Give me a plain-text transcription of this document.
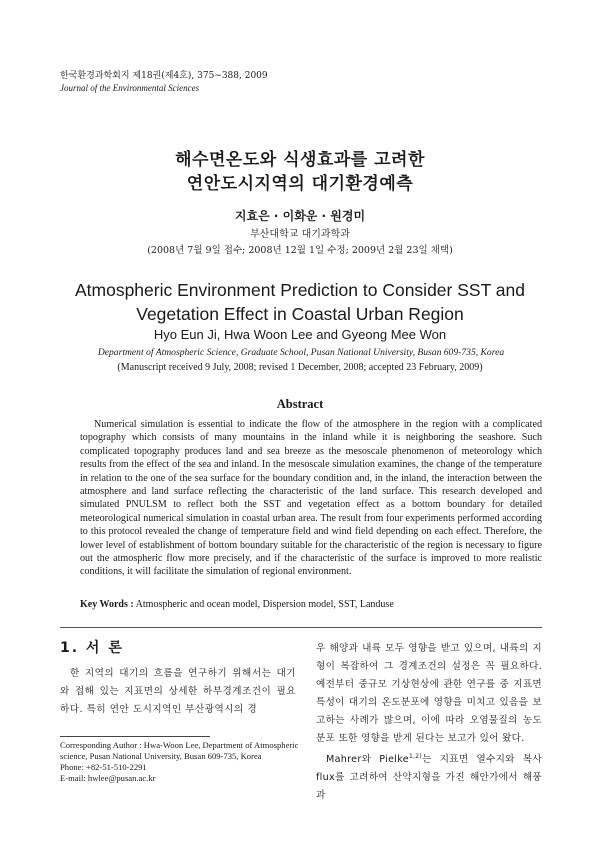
한국환경과학회지 제18권(제4호), 375∼388, 2009
Journal of the Environmental Sciences
해수면온도와 식생효과를 고려한
연안도시지역의 대기환경예측
지효은 · 이화운 · 원경미
부산대학교 대기과학과
(2008년 7월 9일 접수; 2008년 12월 1일 수정; 2009년 2월 23일 채택)
Atmospheric Environment Prediction to Consider SST and
Vegetation Effect in Coastal Urban Region
Hyo Eun Ji, Hwa Woon Lee and Gyeong Mee Won
Department of Atmospheric Science, Graduate School, Pusan National University, Busan 609-735, Korea
(Manuscript received 9 July, 2008; revised 1 December, 2008; accepted 23 February, 2009)
Abstract
Numerical simulation is essential to indicate the flow of the atmosphere in the region with a complicated topography which consists of many mountains in the inland while it is neighboring the seashore. Such complicated topography produces land and sea breeze as the mesoscale phenomenon of meteorology which results from the effect of the sea and inland. In the mesoscale simulation examines, the change of the temperature in relation to the one of the sea surface for the boundary condition and, in the inland, the interaction between the atmosphere and land surface reflecting the characteristic of the land surface. This research developed and simulated PNULSM to reflect both the SST and vegetation effect as a bottom boundary for detailed meteorological numerical simulation in coastal urban area. The result from four experiments performed according to this protocol revealed the change of temperature field and wind field depending on each effect. Therefore, the lower level of establishment of bottom boundary suitable for the characteristic of the region is necessary to figure out the atmospheric flow more precisely, and if the characteristic of the surface is improved to more realistic conditions, it will facilitate the simulation of regional environment.
Key Words : Atmospheric and ocean model, Dispersion model, SST, Landuse
1. 서 론
한 지역의 대기의 흐름을 연구하기 위해서는 대기와 접해 있는 지표면의 상세한 하부경계조건이 필요하다. 특히 연안 도시지역인 부산광역시의 경

우 해양과 내륙 모두 영향을 받고 있으며, 내륙의 지형이 복잡하여 그 경계조건의 설정은 꼭 필요하다. 예전부터 중규모 기상현상에 관한 연구를 중 지표면 특성이 대기의 온도분포에 영향을 미치고 있음을 보고하는 사례가 많으며, 이에 따라 오염물질의 농도 분포 또한 영향을 받게 된다는 보고가 있어 왔다.

Mahrer와 Pielke$^{1,2)}$는 지표면 열수지와 복사 flux를 고려하여 산악지형을 가진 해안가에서 해풍과

Corresponding Author : Hwa-Woon Lee, Department of Atmospheric science, Pusan National University, Busan 609-735, Korea
Phone: +82-51-510-2291
E-mail: hwlee@pusan.ac.kr
